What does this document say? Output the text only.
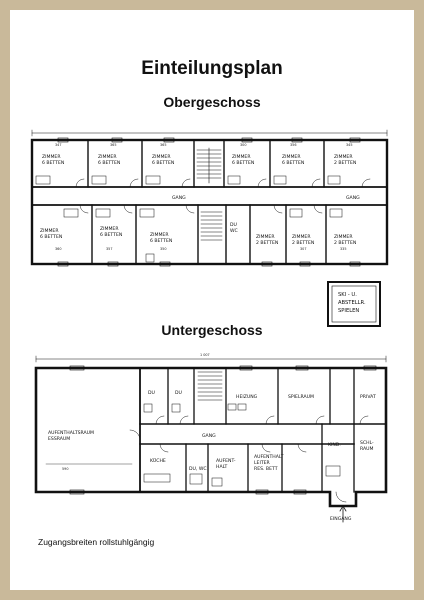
Einteilungsplan
Obergeschoss
Untergeschoss
Zugangsbreiten rollstuhlgängig
347	365	365	300	356	345
360	357	350	307	335
1 007
590
ZIMMER 6 BETTEN
ZIMMER 6 BETTEN
ZIMMER 6 BETTEN
ZIMMER 6 BETTEN
ZIMMER 6 BETTEN
ZIMMER 2 BETTEN
ZIMMER 6 BETTEN
ZIMMER 6 BETTEN	ZIMMER 6 BETTEN
DU WC
ZIMMER 2 BETTEN
ZIMMER 2 BETTEN
ZIMMER 2 BETTEN
GANG	GANG
SKI - U. ABSTELLR. SPIELEN
AUFENTHALTSRAUM ESSRAUM
DU	DU
HEIZUNG	SPIELRAUM	PRIVAT
KIND.	SCHL-RAUM
KÜCHE
DU, WC
AUFENT-HALT
AUFENTHALT LEITER RES. BETT
GANG
EINGANG
